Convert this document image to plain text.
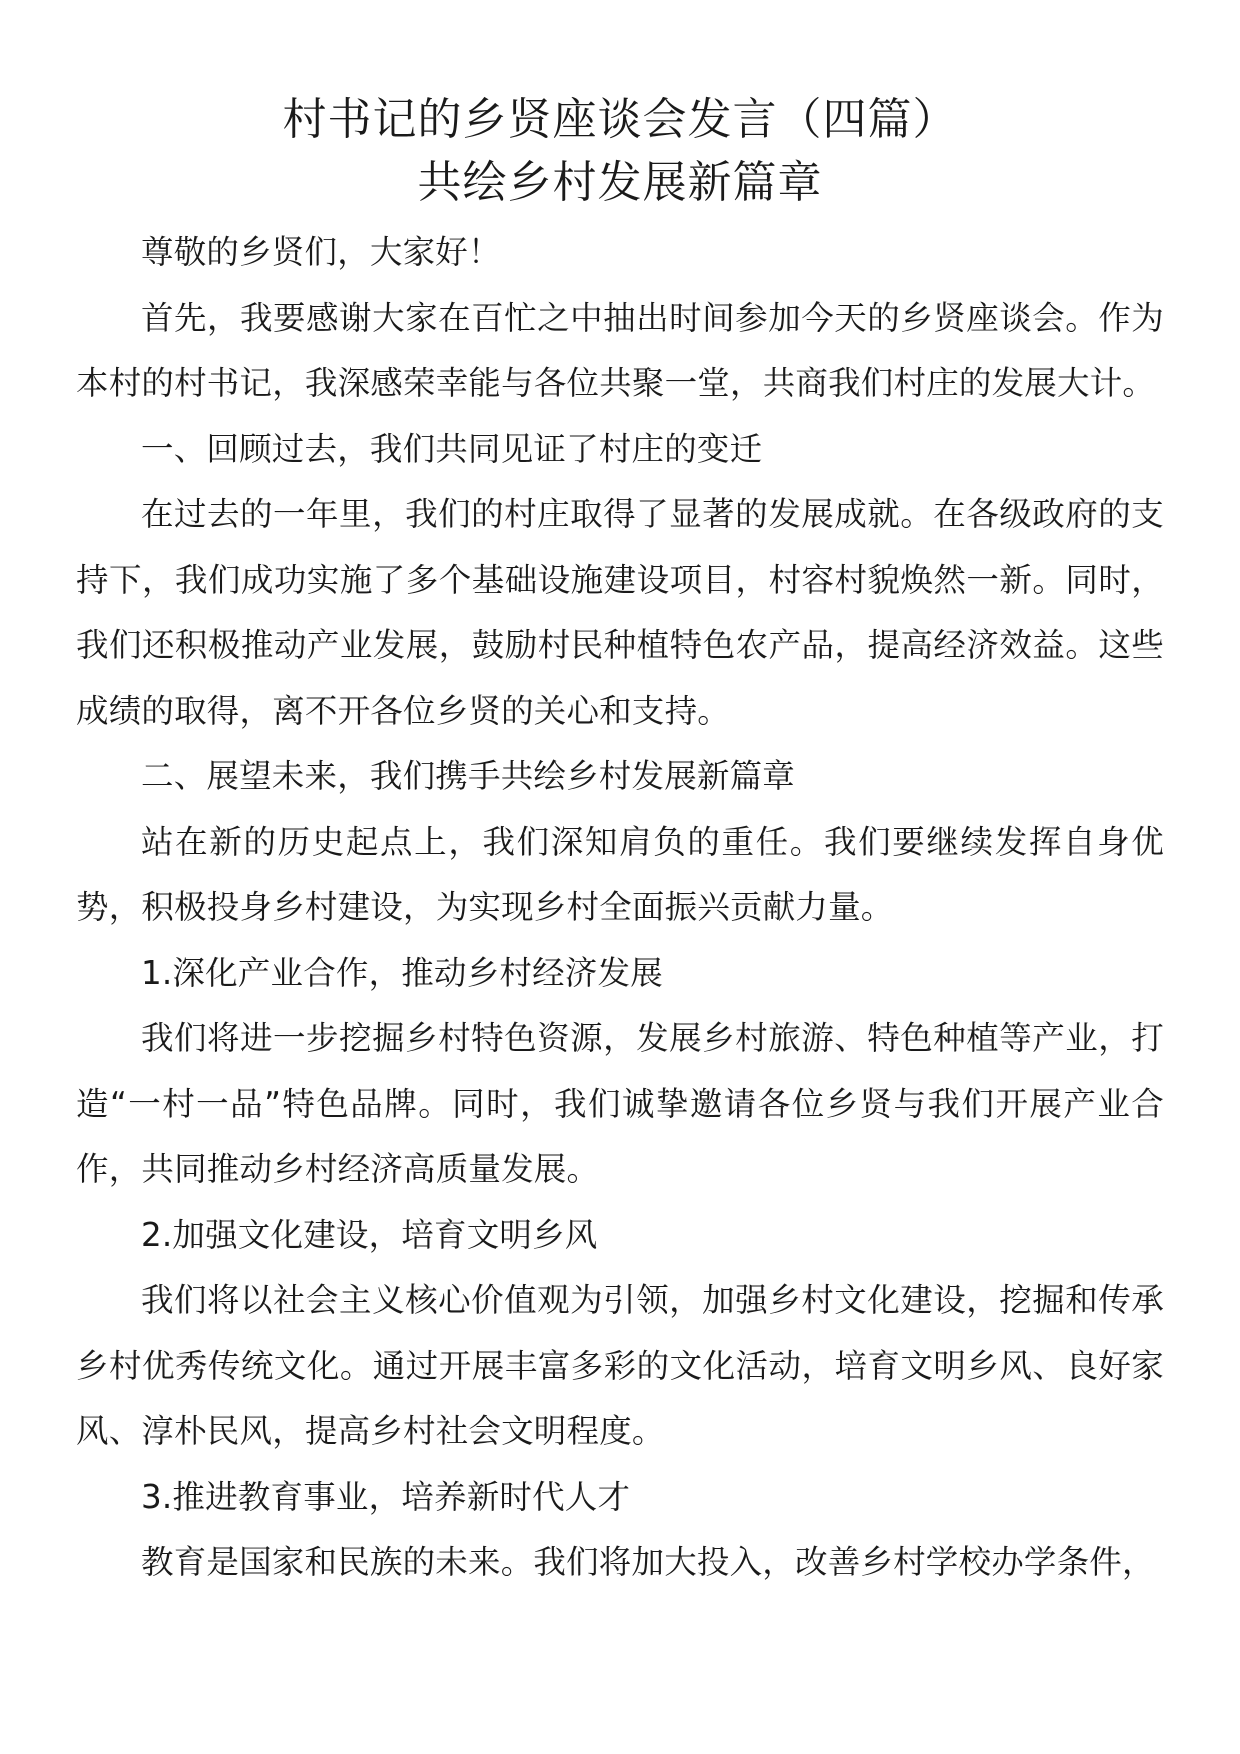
村书记的乡贤座谈会发言（四篇）
共绘乡村发展新篇章

尊敬的乡贤们，大家好！

首先，我要感谢大家在百忙之中抽出时间参加今天的乡贤座谈会。作为本村的村书记，我深感荣幸能与各位共聚一堂，共商我们村庄的发展大计。

一、回顾过去，我们共同见证了村庄的变迁

在过去的一年里，我们的村庄取得了显著的发展成就。在各级政府的支持下，我们成功实施了多个基础设施建设项目，村容村貌焕然一新。同时，我们还积极推动产业发展，鼓励村民种植特色农产品，提高经济效益。这些成绩的取得，离不开各位乡贤的关心和支持。

二、展望未来，我们携手共绘乡村发展新篇章

站在新的历史起点上，我们深知肩负的重任。我们要继续发挥自身优势，积极投身乡村建设，为实现乡村全面振兴贡献力量。

1.深化产业合作，推动乡村经济发展

我们将进一步挖掘乡村特色资源，发展乡村旅游、特色种植等产业，打造“一村一品”特色品牌。同时，我们诚挚邀请各位乡贤与我们开展产业合作，共同推动乡村经济高质量发展。

2.加强文化建设，培育文明乡风

我们将以社会主义核心价值观为引领，加强乡村文化建设，挖掘和传承乡村优秀传统文化。通过开展丰富多彩的文化活动，培育文明乡风、良好家风、淳朴民风，提高乡村社会文明程度。

3.推进教育事业，培养新时代人才

教育是国家和民族的未来。我们将加大投入，改善乡村学校办学条件，
